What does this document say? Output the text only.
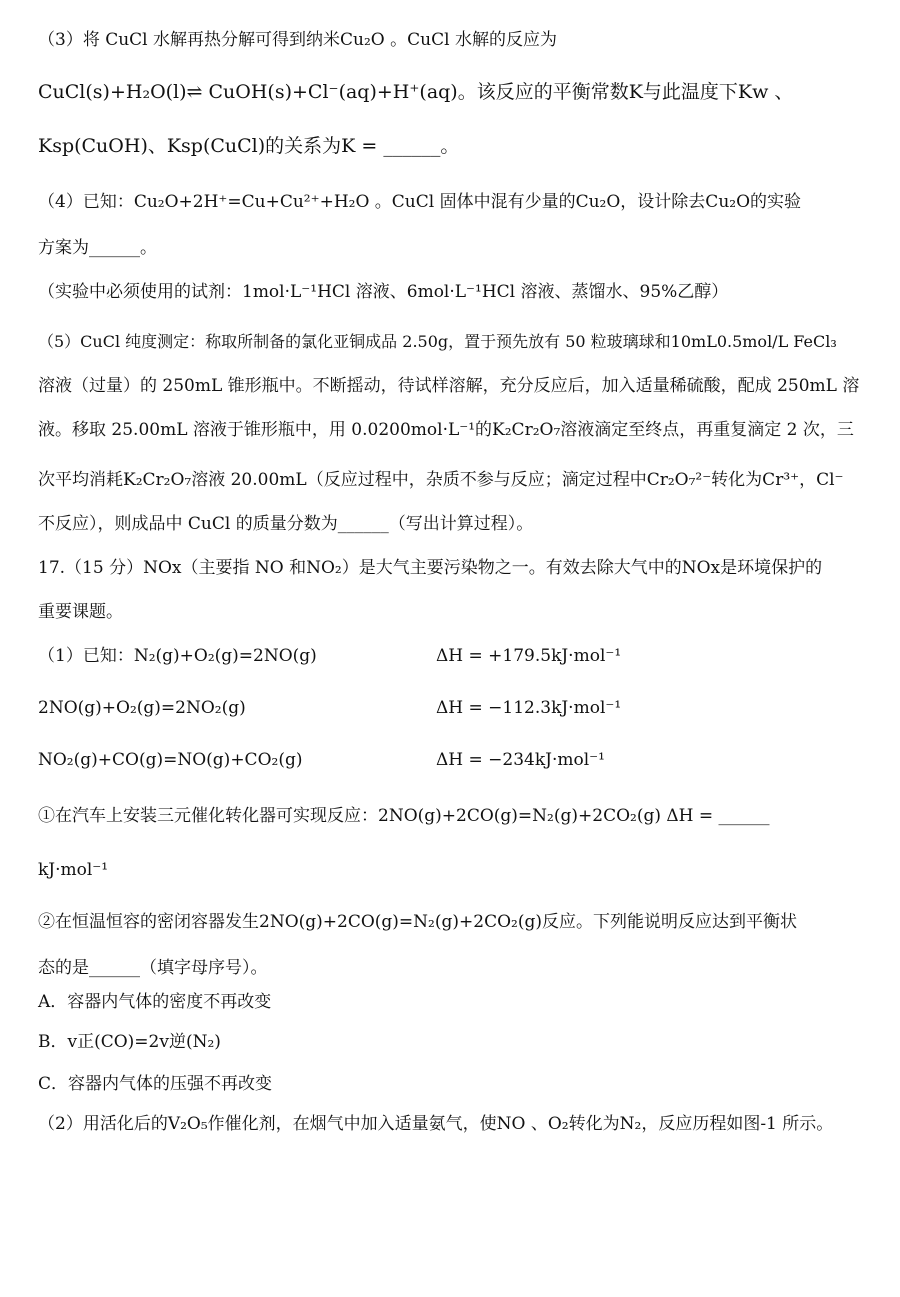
（3）将 CuCl 水解再热分解可得到纳米Cu₂O 。CuCl 水解的反应为
CuCl(s)+H₂O(l)⇌ CuOH(s)+Cl⁻(aq)+H⁺(aq)。该反应的平衡常数K与此温度下Kw 、
Ksp(CuOH)、Ksp(CuCl)的关系为K = ______。
（4）已知：Cu₂O+2H⁺=Cu+Cu²⁺+H₂O 。CuCl 固体中混有少量的Cu₂O，设计除去Cu₂O的实验
方案为______。
（实验中必须使用的试剂：1mol·L⁻¹HCl 溶液、6mol·L⁻¹HCl 溶液、蒸馏水、95%乙醇）
（5）CuCl 纯度测定：称取所制备的氯化亚铜成品 2.50g，置于预先放有 50 粒玻璃球和10mL0.5mol/L FeCl₃
溶液（过量）的 250mL 锥形瓶中。不断摇动，待试样溶解，充分反应后，加入适量稀硫酸，配成 250mL 溶
液。移取 25.00mL 溶液于锥形瓶中，用 0.0200mol·L⁻¹的K₂Cr₂O₇溶液滴定至终点，再重复滴定 2 次，三
次平均消耗K₂Cr₂O₇溶液 20.00mL（反应过程中，杂质不参与反应；滴定过程中Cr₂O₇²⁻转化为Cr³⁺，Cl⁻
不反应），则成品中 CuCl 的质量分数为______（写出计算过程）。
17.（15 分）NOx（主要指 NO 和NO₂）是大气主要污染物之一。有效去除大气中的NOx是环境保护的
重要课题。
（1）已知：N₂(g)+O₂(g)=2NO(g)	ΔH = +179.5kJ·mol⁻¹
2NO(g)+O₂(g)=2NO₂(g)	ΔH = −112.3kJ·mol⁻¹
NO₂(g)+CO(g)=NO(g)+CO₂(g)	ΔH = −234kJ·mol⁻¹
①在汽车上安装三元催化转化器可实现反应：2NO(g)+2CO(g)=N₂(g)+2CO₂(g) ΔH = ______
kJ·mol⁻¹
②在恒温恒容的密闭容器发生2NO(g)+2CO(g)=N₂(g)+2CO₂(g)反应。下列能说明反应达到平衡状
态的是______（填字母序号）。
A．容器内气体的密度不再改变
B．v正(CO)=2v逆(N₂)
C．容器内气体的压强不再改变
（2）用活化后的V₂O₅作催化剂，在烟气中加入适量氨气，使NO 、O₂转化为N₂，反应历程如图-1 所示。
